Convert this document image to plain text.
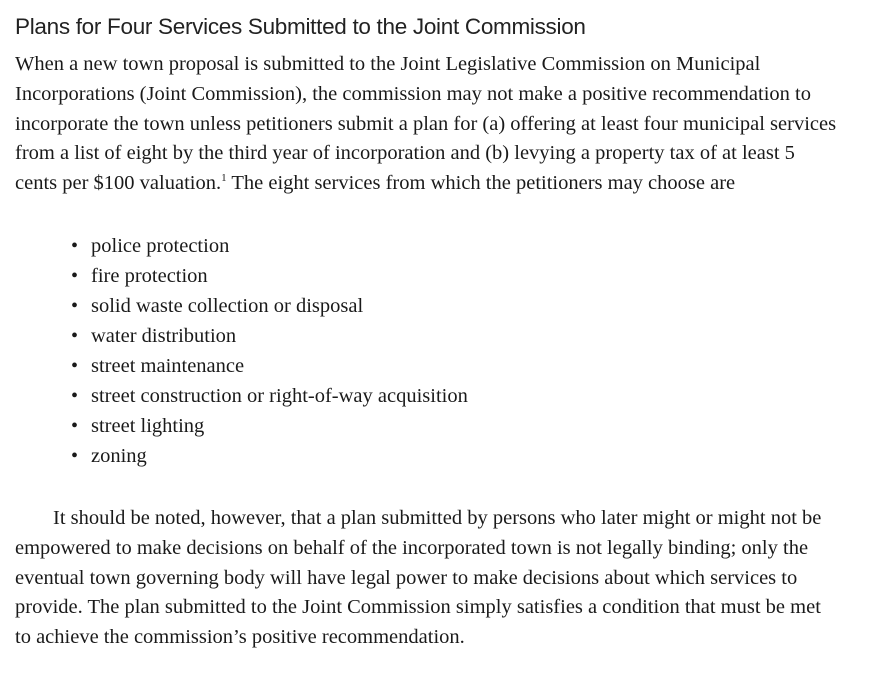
Plans for Four Services Submitted to the Joint Commission

When a new town proposal is submitted to the Joint Legislative Commission on Municipal Incorporations (Joint Commission), the commission may not make a positive recommendation to incorporate the town unless petitioners submit a plan for (a) offering at least four municipal services from a list of eight by the third year of incorporation and (b) levying a property tax of at least 5 cents per $100 valuation.$^1$ The eight services from which the petitioners may choose are

• police protection
• fire protection
• solid waste collection or disposal
• water distribution
• street maintenance
• street construction or right-of-way acquisition
• street lighting
• zoning

It should be noted, however, that a plan submitted by persons who later might or might not be empowered to make decisions on behalf of the incorporated town is not legally binding; only the eventual town governing body will have legal power to make decisions about which services to provide. The plan submitted to the Joint Commission simply satisfies a condition that must be met to achieve the commission’s positive recommendation.
